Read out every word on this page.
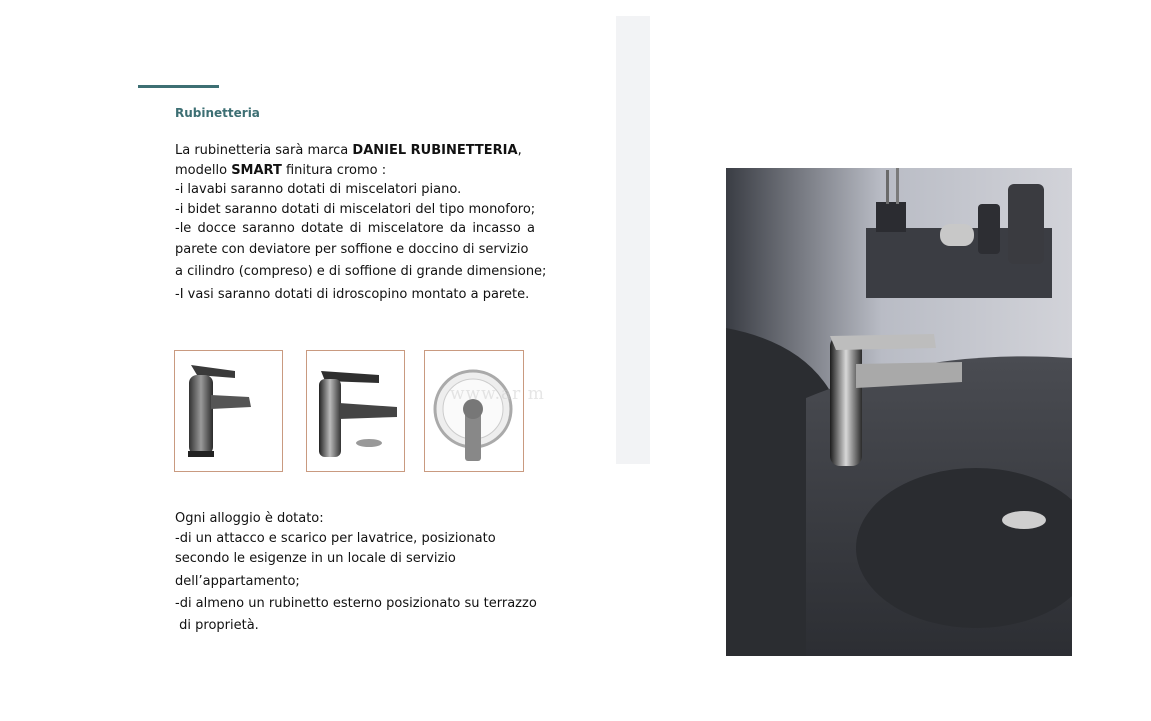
Rubinetteria
La rubinetteria sarà marca DANIEL RUBINETTERIA,
modello SMART finitura cromo :
-i lavabi saranno dotati di miscelatori piano.
-i bidet saranno dotati di miscelatori del tipo monoforo;
-le docce saranno dotate di miscelatore da incasso a
parete con deviatore per soffione e doccino di servizio
a cilindro (compreso) e di soffione di grande dimensione;
-I vasi saranno dotati di idroscopino montato a parete.
www.ar m
Ogni alloggio è dotato:
-di un attacco e scarico per lavatrice, posizionato
secondo le esigenze in un locale di servizio
dell’appartamento;
-di almeno un rubinetto esterno posizionato su terrazzo
di proprietà.
